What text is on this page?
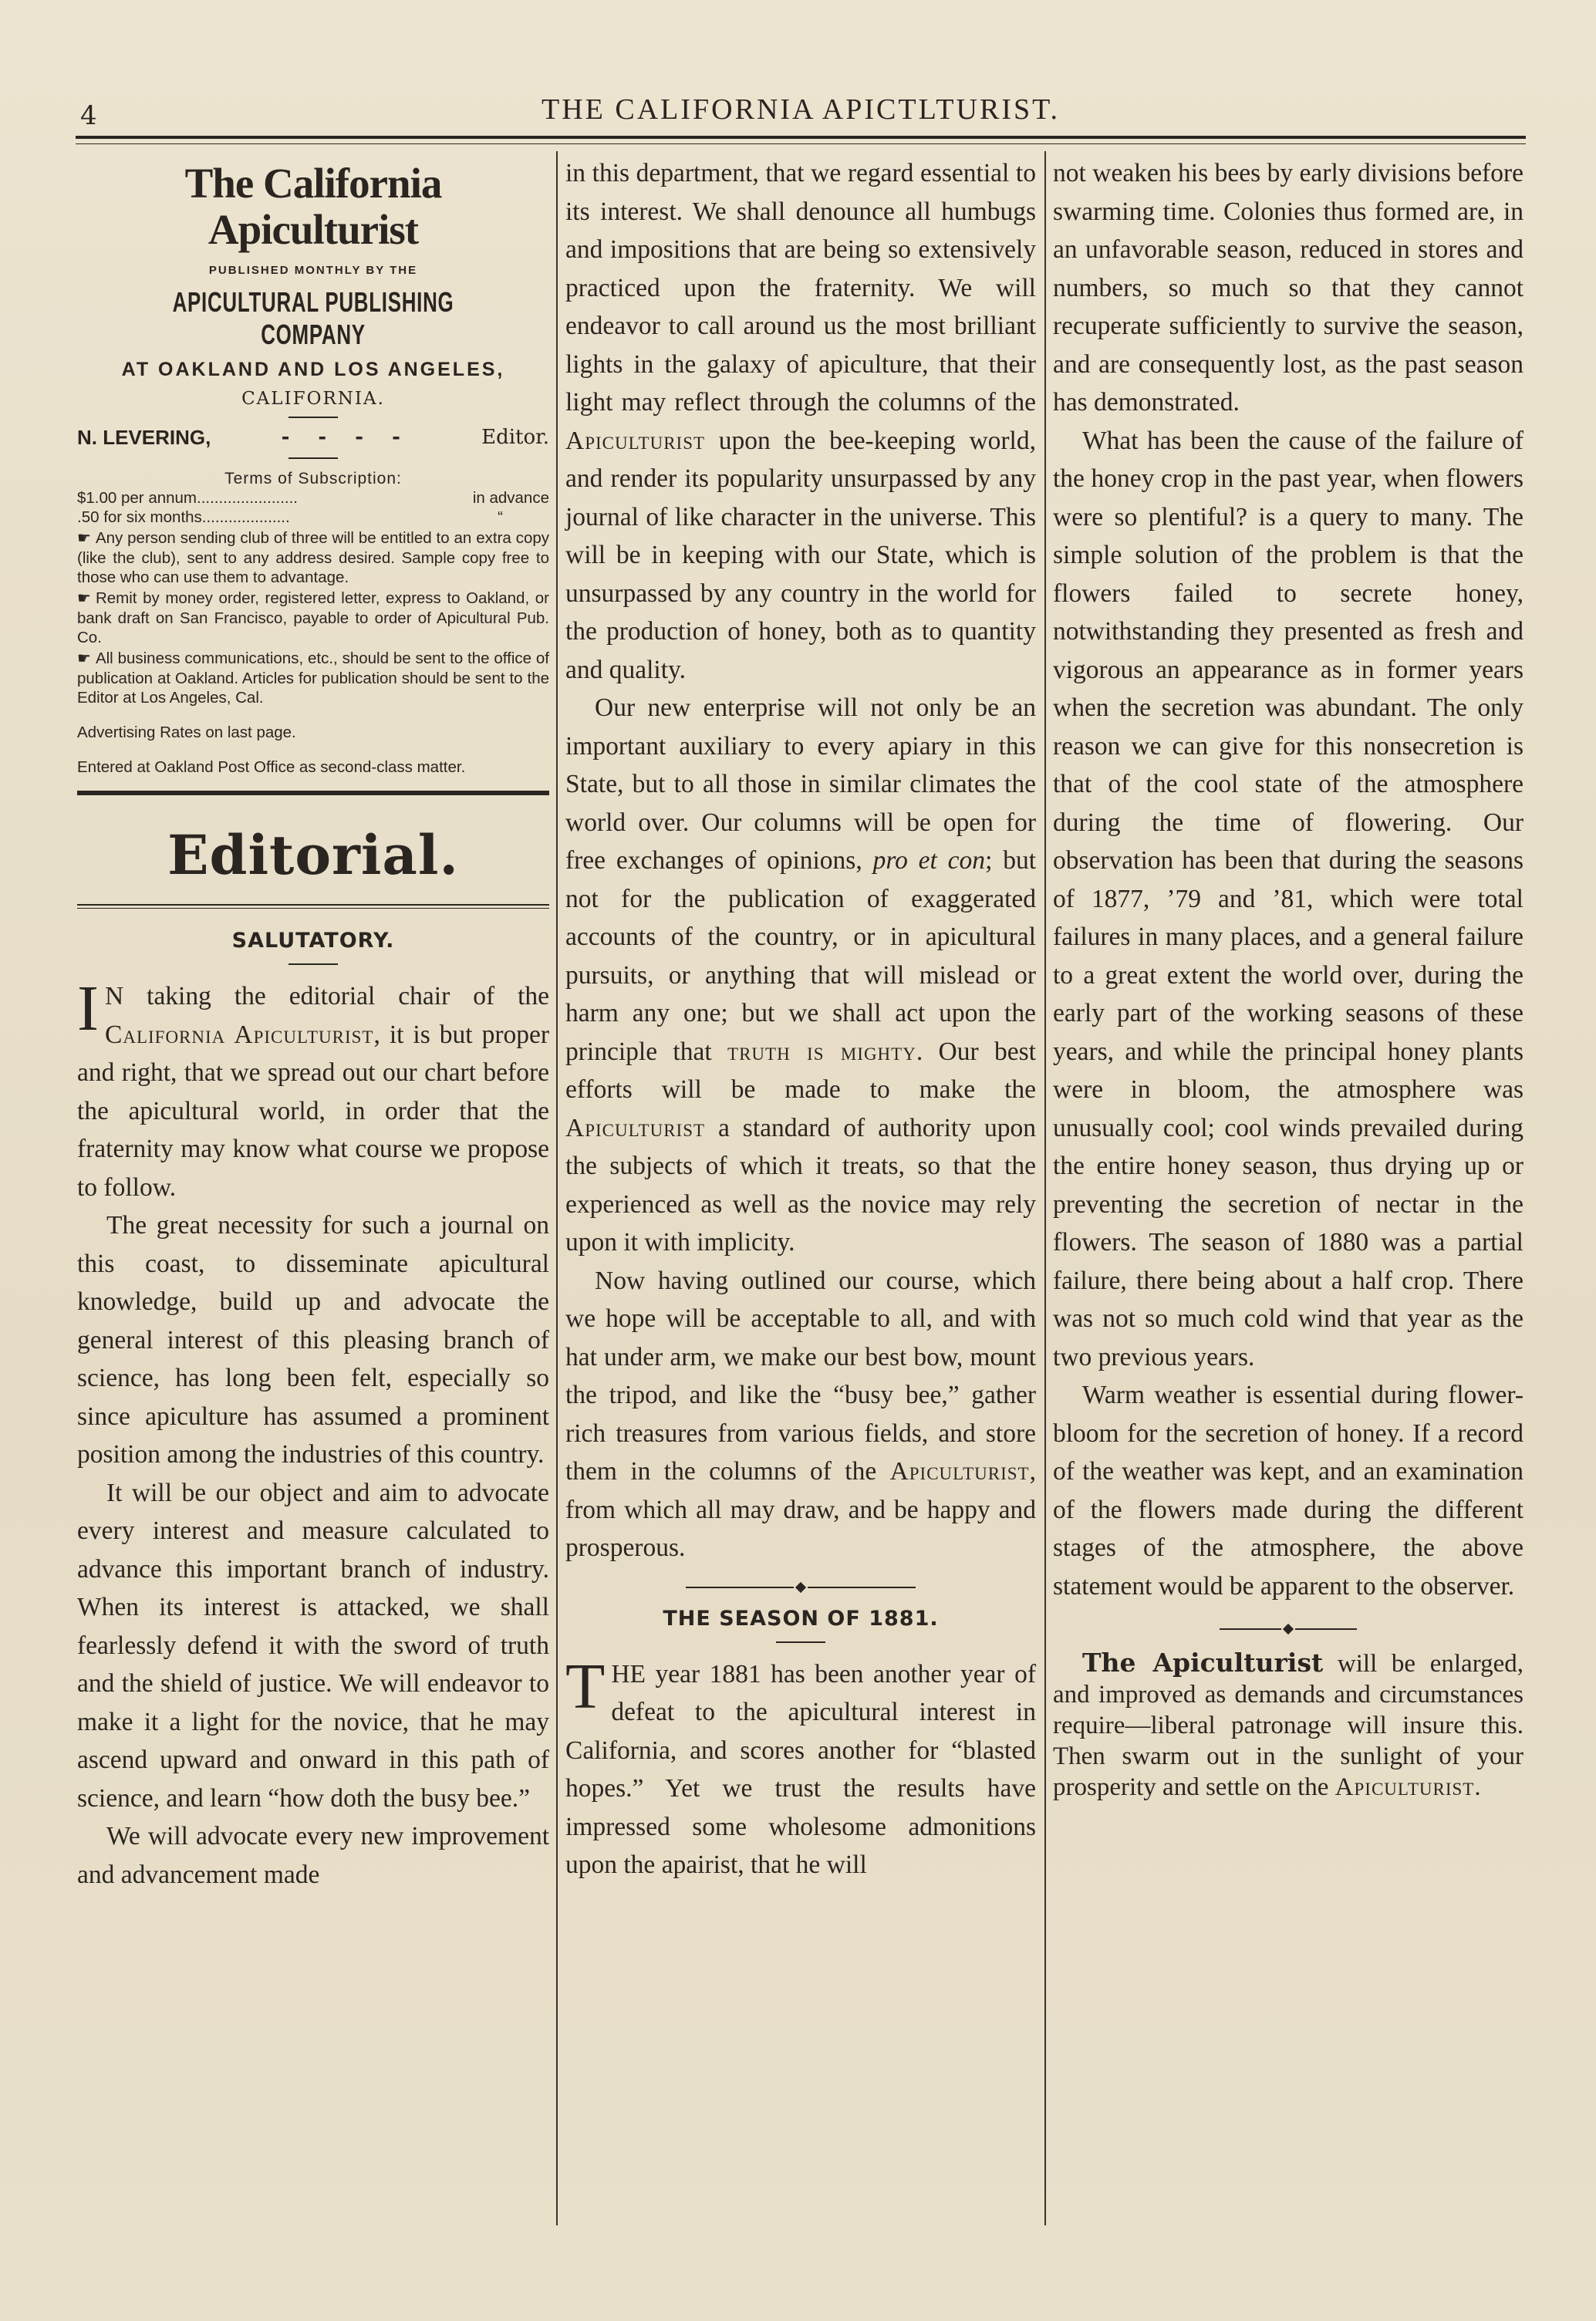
4	THE CALIFORNIA APICTLTURIST.
The California Apiculturist
PUBLISHED MONTHLY BY THE
APICULTURAL PUBLISHING COMPANY
AT OAKLAND AND LOS ANGELES,
CALIFORNIA.
N. LEVERING,	- - - -	Editor.
Terms of Subscription:
$1.00 per annum.......................	in advance
.50 for six months....................	“

☛ Any person sending club of three will be entitled to an extra copy (like the club), sent to any address desired. Sample copy free to those who can use them to advantage.

☛ Remit by money order, registered letter, express to Oakland, or bank draft on San Francisco, payable to order of Apicultural Pub. Co.

☛ All business communications, etc., should be sent to the office of publication at Oakland. Articles for publication should be sent to the Editor at Los Angeles, Cal.

Advertising Rates on last page.

Entered at Oakland Post Office as second-class matter.

Editorial.
SALUTATORY.

I N taking the editorial chair of the California Apiculturist, it is but proper and right, that we spread out our chart before the apicultural world, in order that the fraternity may know what course we propose to follow.

The great necessity for such a journal on this coast, to disseminate apicultural knowledge, build up and advocate the general interest of this pleasing branch of science, has long been felt, especially so since apiculture has assumed a prominent position among the industries of this country.

It will be our object and aim to advocate every interest and measure calculated to advance this important branch of industry. When its interest is attacked, we shall fearlessly defend it with the sword of truth and the shield of justice. We will endeavor to make it a light for the novice, that he may ascend upward and onward in this path of science, and learn “how doth the busy bee.”

We will advocate every new improvement and advancement made

in this department, that we regard essential to its interest. We shall denounce all humbugs and impositions that are being so extensively practiced upon the fraternity. We will endeavor to call around us the most brilliant lights in the galaxy of apiculture, that their light may reflect through the columns of the Apiculturist upon the bee-keeping world, and render its popularity unsurpassed by any journal of like character in the universe. This will be in keeping with our State, which is unsurpassed by any country in the world for the production of honey, both as to quantity and quality.

Our new enterprise will not only be an important auxiliary to every apiary in this State, but to all those in similar climates the world over. Our columns will be open for free exchanges of opinions, pro et con; but not for the publication of exaggerated accounts of the country, or in apicultural pursuits, or anything that will mislead or harm any one; but we shall act upon the principle that truth is mighty. Our best efforts will be made to make the Apiculturist a standard of authority upon the subjects of which it treats, so that the experienced as well as the novice may rely upon it with implicity.

Now having outlined our course, which we hope will be acceptable to all, and with hat under arm, we make our best bow, mount the tripod, and like the “busy bee,” gather rich treasures from various fields, and store them in the columns of the Apiculturist, from which all may draw, and be happy and prosperous.

THE SEASON OF 1881.

THE year 1881 has been another year of defeat to the apicultural interest in California, and scores another for “blasted hopes.” Yet we trust the results have impressed some wholesome admonitions upon the apairist, that he will

not weaken his bees by early divisions before swarming time. Colonies thus formed are, in an unfavorable season, reduced in stores and numbers, so much so that they cannot recuperate sufficiently to survive the season, and are consequently lost, as the past season has demonstrated.

What has been the cause of the failure of the honey crop in the past year, when flowers were so plentiful? is a query to many. The simple solution of the problem is that the flowers failed to secrete honey, notwithstanding they presented as fresh and vigorous an appearance as in former years when the secretion was abundant. The only reason we can give for this nonsecretion is that of the cool state of the atmosphere during the time of flowering. Our observation has been that during the seasons of 1877, ’79 and ’81, which were total failures in many places, and a general failure to a great extent the world over, during the early part of the working seasons of these years, and while the principal honey plants were in bloom, the atmosphere was unusually cool; cool winds prevailed during the entire honey season, thus drying up or preventing the secretion of nectar in the flowers. The season of 1880 was a partial failure, there being about a half crop. There was not so much cold wind that year as the two previous years.

Warm weather is essential during flower-bloom for the secretion of honey. If a record of the weather was kept, and an examination of the flowers made during the different stages of the atmosphere, the above statement would be apparent to the observer.

The Apiculturist will be enlarged, and improved as demands and circumstances require—liberal patronage will insure this. Then swarm out in the sunlight of your prosperity and settle on the Apiculturist.
